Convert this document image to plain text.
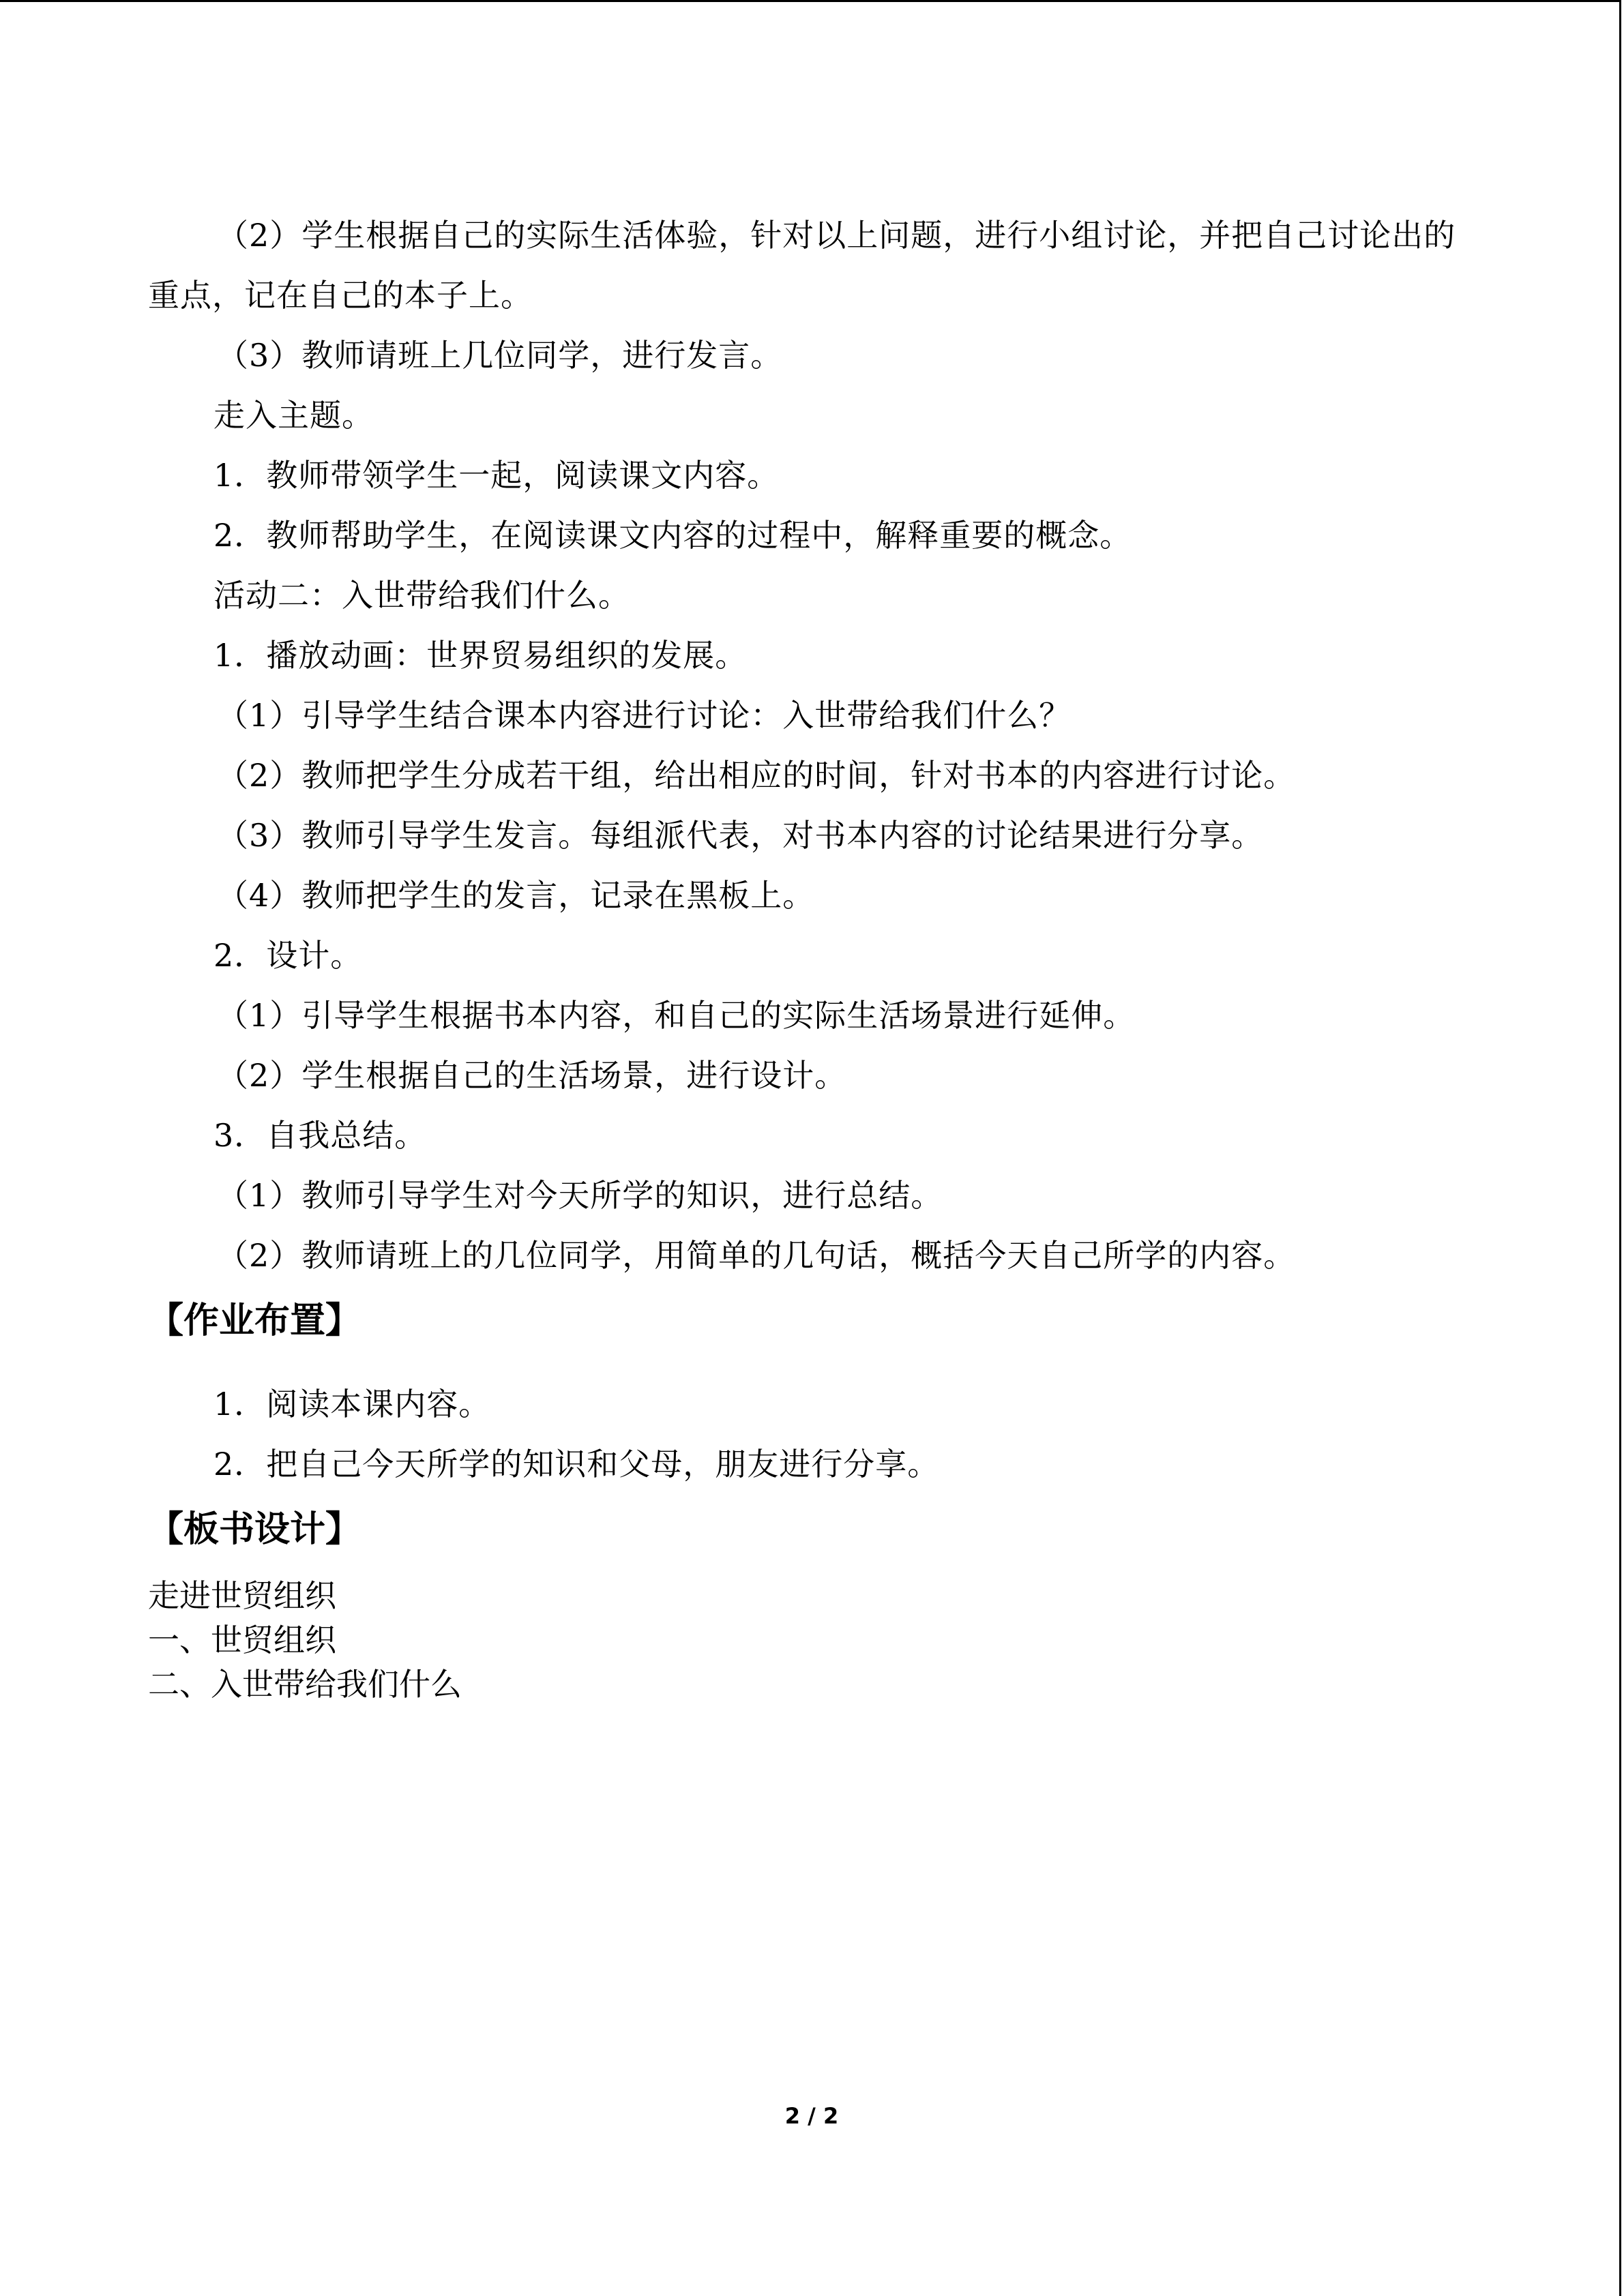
（2）学生根据自己的实际生活体验，针对以上问题，进行小组讨论，并把自己讨论出的
重点，记在自己的本子上。
（3）教师请班上几位同学，进行发言。
走入主题。
1．教师带领学生一起，阅读课文内容。
2．教师帮助学生，在阅读课文内容的过程中，解释重要的概念。
活动二：入世带给我们什么。
1．播放动画：世界贸易组织的发展。
（1）引导学生结合课本内容进行讨论：入世带给我们什么？
（2）教师把学生分成若干组，给出相应的时间，针对书本的内容进行讨论。
（3）教师引导学生发言。每组派代表，对书本内容的讨论结果进行分享。
（4）教师把学生的发言，记录在黑板上。
2．设计。
（1）引导学生根据书本内容，和自己的实际生活场景进行延伸。
（2）学生根据自己的生活场景，进行设计。
3．自我总结。
（1）教师引导学生对今天所学的知识，进行总结。
（2）教师请班上的几位同学，用简单的几句话，概括今天自己所学的内容。
【作业布置】
1．阅读本课内容。
2．把自己今天所学的知识和父母，朋友进行分享。
【板书设计】
走进世贸组织
一、世贸组织
二、入世带给我们什么
2 / 2
